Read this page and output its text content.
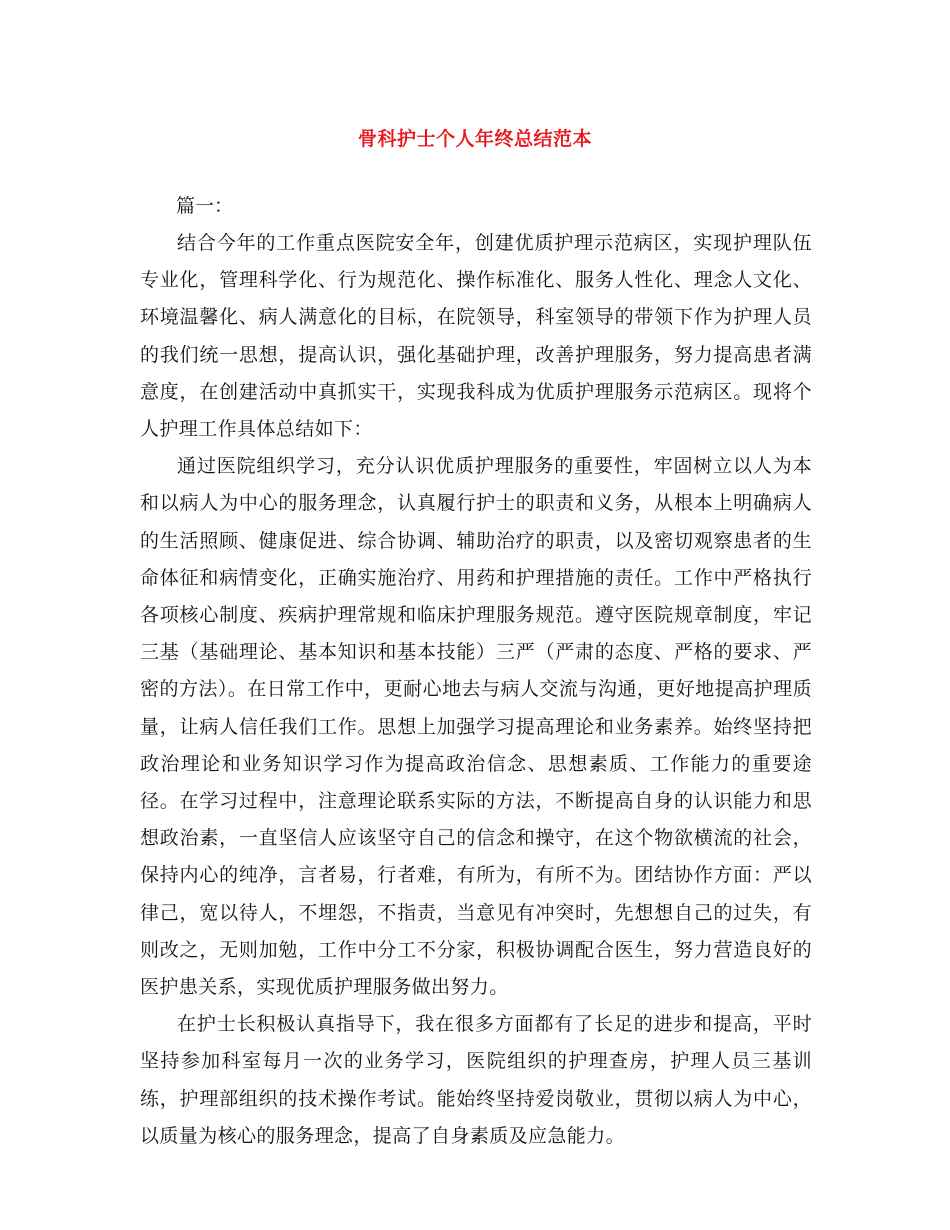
骨科护士个人年终总结范本

篇一：

结合今年的工作重点医院安全年，创建优质护理示范病区，实现护理队伍专业化，管理科学化、行为规范化、操作标准化、服务人性化、理念人文化、环境温馨化、病人满意化的目标，在院领导，科室领导的带领下作为护理人员的我们统一思想，提高认识，强化基础护理，改善护理服务，努力提高患者满意度，在创建活动中真抓实干，实现我科成为优质护理服务示范病区。现将个人护理工作具体总结如下：

通过医院组织学习，充分认识优质护理服务的重要性，牢固树立以人为本和以病人为中心的服务理念，认真履行护士的职责和义务，从根本上明确病人的生活照顾、健康促进、综合协调、辅助治疗的职责，以及密切观察患者的生命体征和病情变化，正确实施治疗、用药和护理措施的责任。工作中严格执行各项核心制度、疾病护理常规和临床护理服务规范。遵守医院规章制度，牢记三基（基础理论、基本知识和基本技能）三严（严肃的态度、严格的要求、严密的方法）。在日常工作中，更耐心地去与病人交流与沟通，更好地提高护理质量，让病人信任我们工作。思想上加强学习提高理论和业务素养。始终坚持把政治理论和业务知识学习作为提高政治信念、思想素质、工作能力的重要途径。在学习过程中，注意理论联系实际的方法，不断提高自身的认识能力和思想政治素，一直坚信人应该坚守自己的信念和操守，在这个物欲横流的社会，保持内心的纯净，言者易，行者难，有所为，有所不为。团结协作方面：严以律己，宽以待人，不埋怨，不指责，当意见有冲突时，先想想自己的过失，有则改之，无则加勉，工作中分工不分家，积极协调配合医生，努力营造良好的医护患关系，实现优质护理服务做出努力。

在护士长积极认真指导下，我在很多方面都有了长足的进步和提高，平时坚持参加科室每月一次的业务学习，医院组织的护理查房，护理人员三基训练，护理部组织的技术操作考试。能始终坚持爱岗敬业，贯彻以病人为中心，以质量为核心的服务理念，提高了自身素质及应急能力。
